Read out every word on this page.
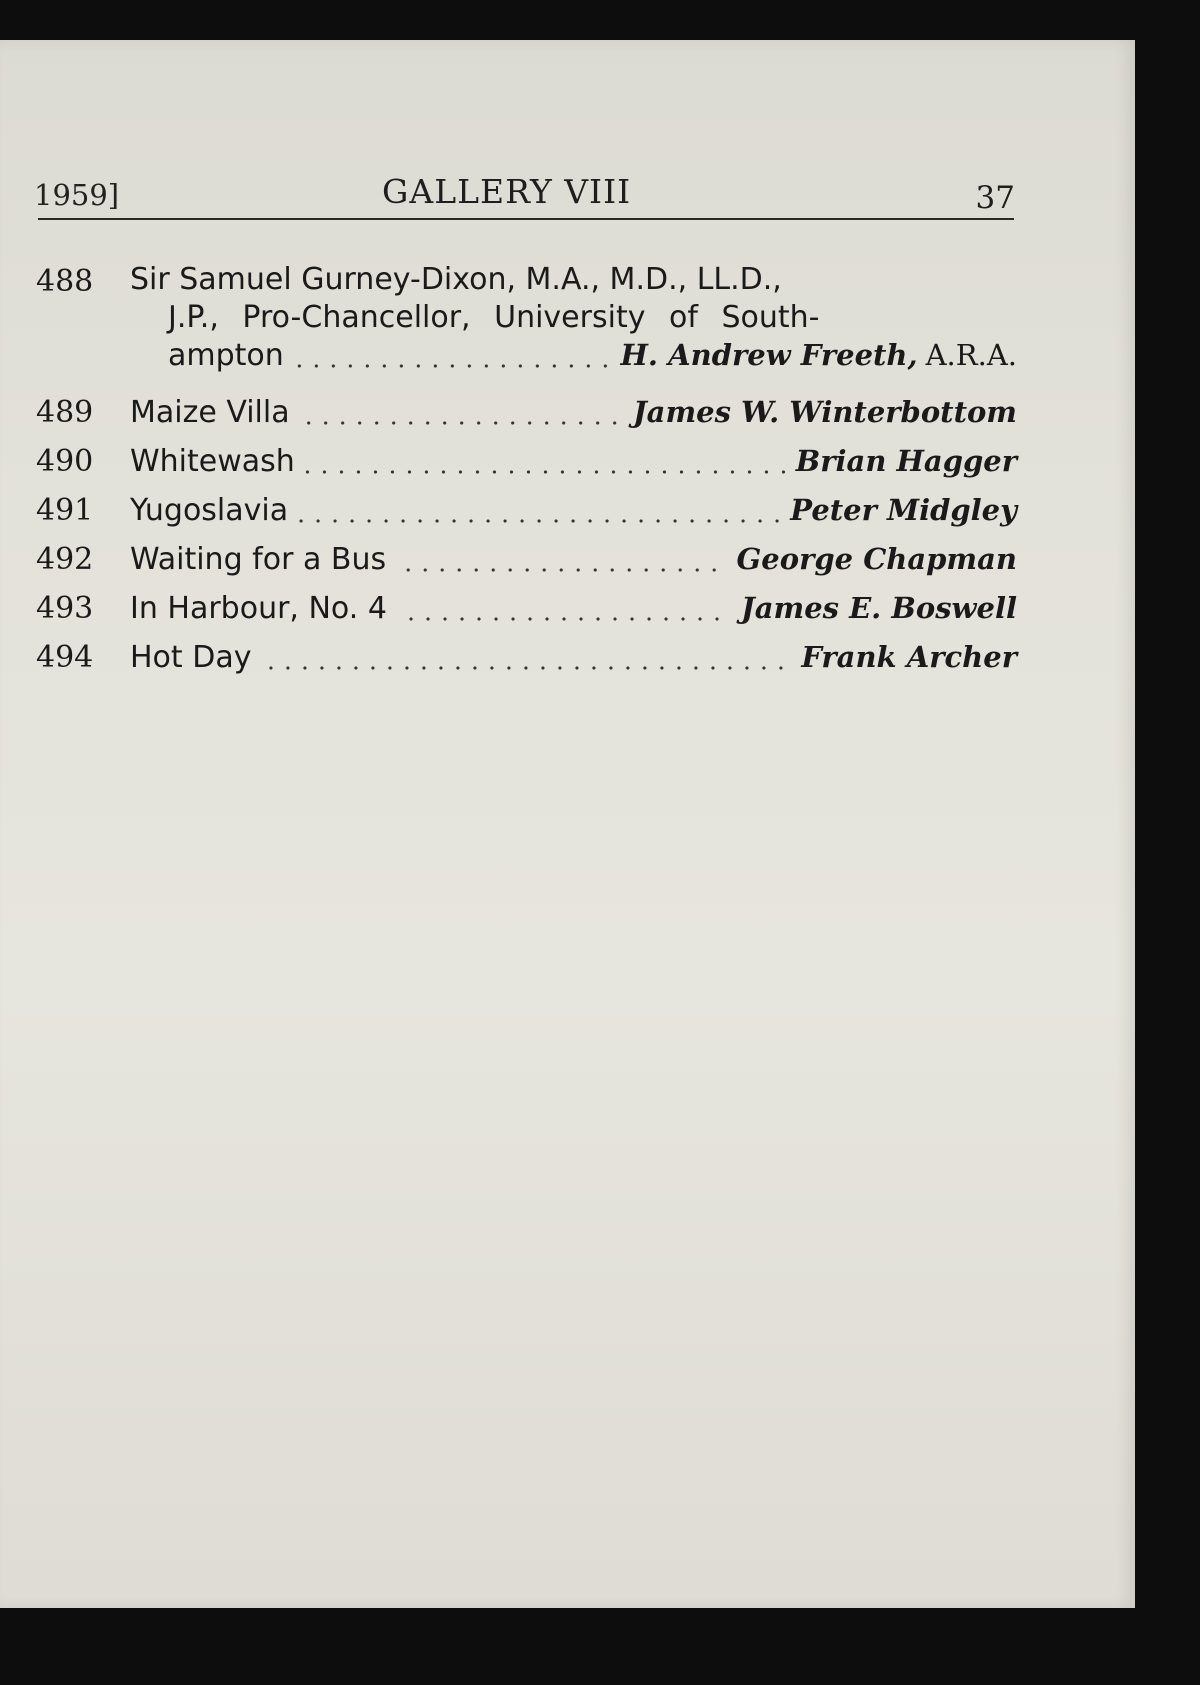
1959]	GALLERY VIII	37
488 Sir Samuel Gurney-Dixon, M.A., M.D., LL.D.,
J.P., Pro-Chancellor, University of South-
ampton	H. Andrew Freeth, A.R.A.
489 Maize Villa	James W. Winterbottom
490 Whitewash	Brian Hagger
491 Yugoslavia	Peter Midgley
492 Waiting for a Bus	George Chapman
493 In Harbour, No. 4	James E. Boswell
494 Hot Day	Frank Archer
